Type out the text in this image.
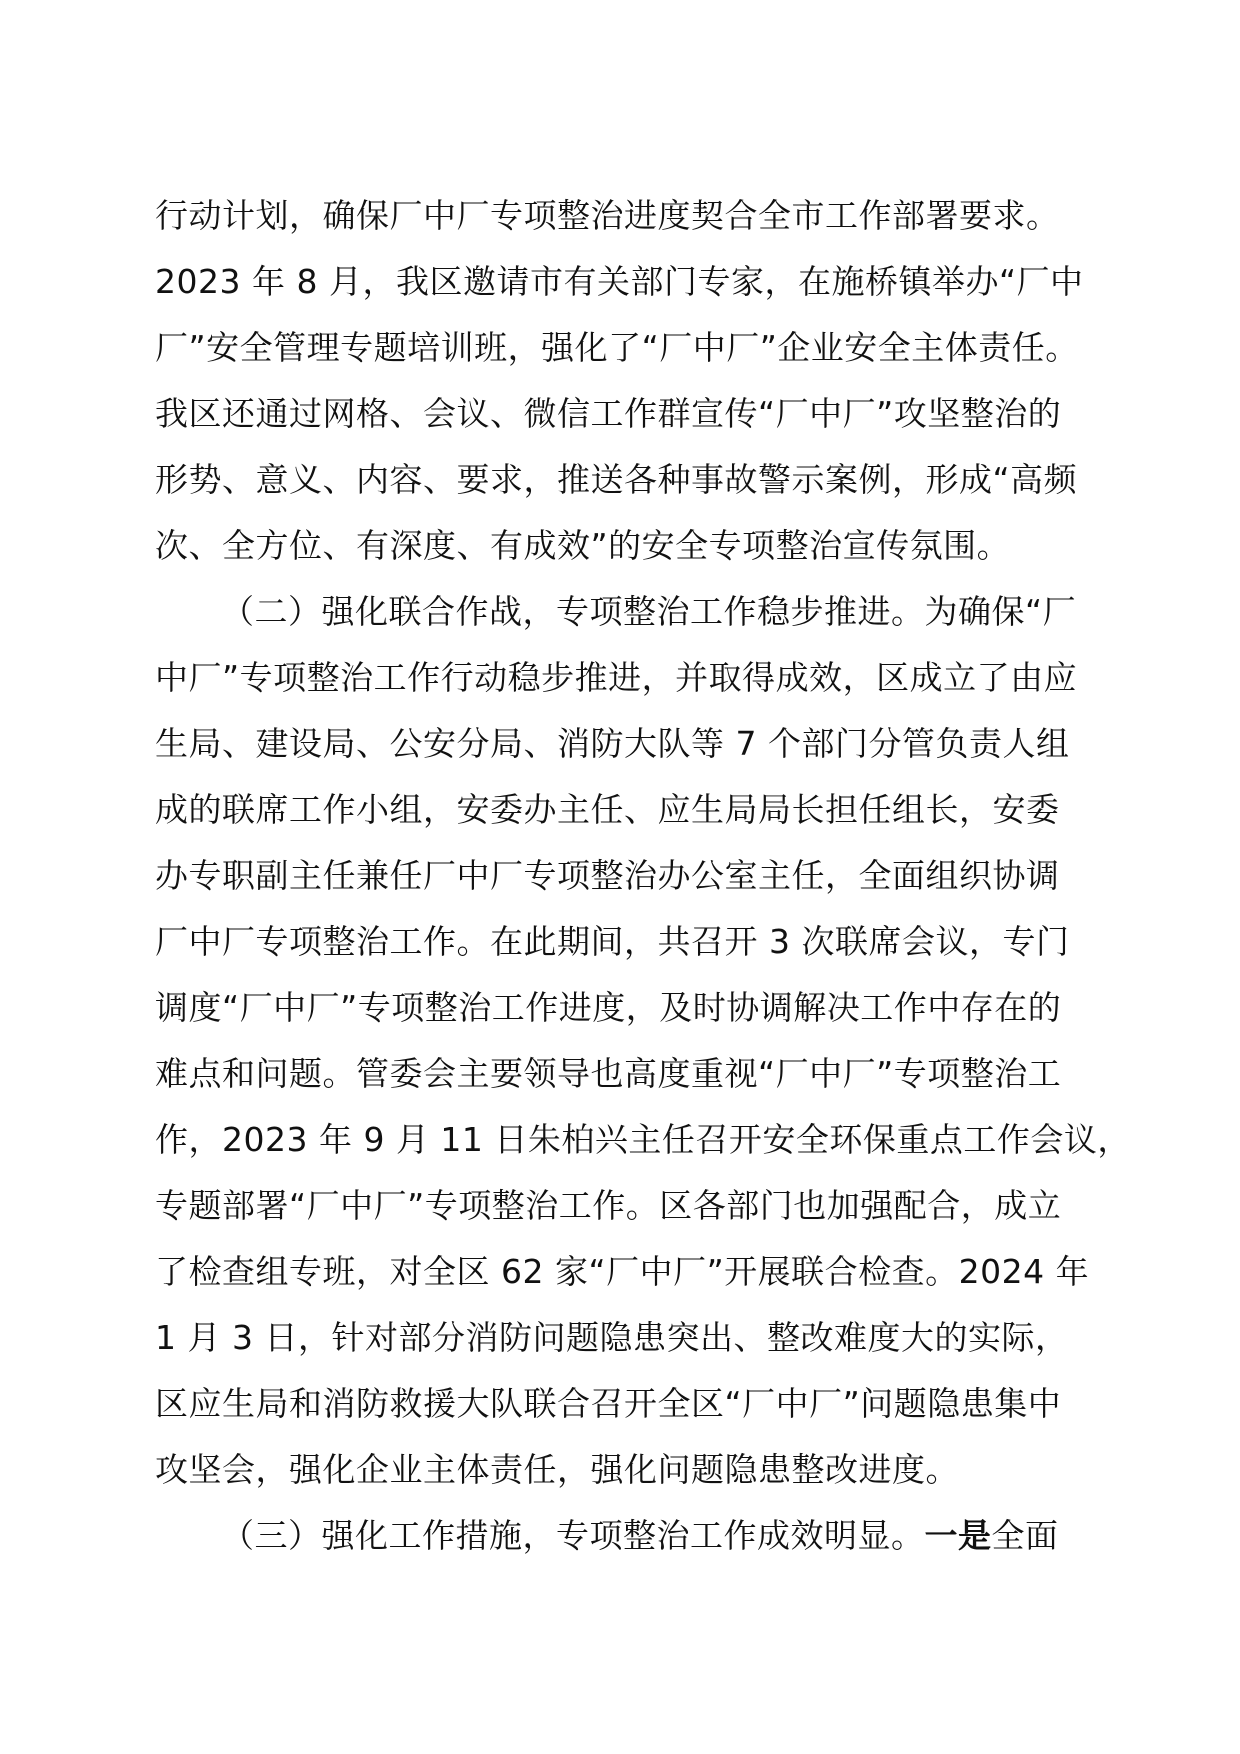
行动计划，确保厂中厂专项整治进度契合全市工作部署要求。
2023 年 8 月，我区邀请市有关部门专家，在施桥镇举办“厂中
厂”安全管理专题培训班，强化了“厂中厂”企业安全主体责任。
我区还通过网格、会议、微信工作群宣传“厂中厂”攻坚整治的
形势、意义、内容、要求，推送各种事故警示案例，形成“高频
次、全方位、有深度、有成效”的安全专项整治宣传氛围。
（二）强化联合作战，专项整治工作稳步推进。为确保“厂
中厂”专项整治工作行动稳步推进，并取得成效，区成立了由应
生局、建设局、公安分局、消防大队等 7 个部门分管负责人组
成的联席工作小组，安委办主任、应生局局长担任组长，安委
办专职副主任兼任厂中厂专项整治办公室主任，全面组织协调
厂中厂专项整治工作。在此期间，共召开 3 次联席会议，专门
调度“厂中厂”专项整治工作进度，及时协调解决工作中存在的
难点和问题。管委会主要领导也高度重视“厂中厂”专项整治工
作，2023 年 9 月 11 日朱柏兴主任召开安全环保重点工作会议，
专题部署“厂中厂”专项整治工作。区各部门也加强配合，成立
了检查组专班，对全区 62 家“厂中厂”开展联合检查。2024 年
1 月 3 日，针对部分消防问题隐患突出、整改难度大的实际，
区应生局和消防救援大队联合召开全区“厂中厂”问题隐患集中
攻坚会，强化企业主体责任，强化问题隐患整改进度。
（三）强化工作措施，专项整治工作成效明显。一是全面
